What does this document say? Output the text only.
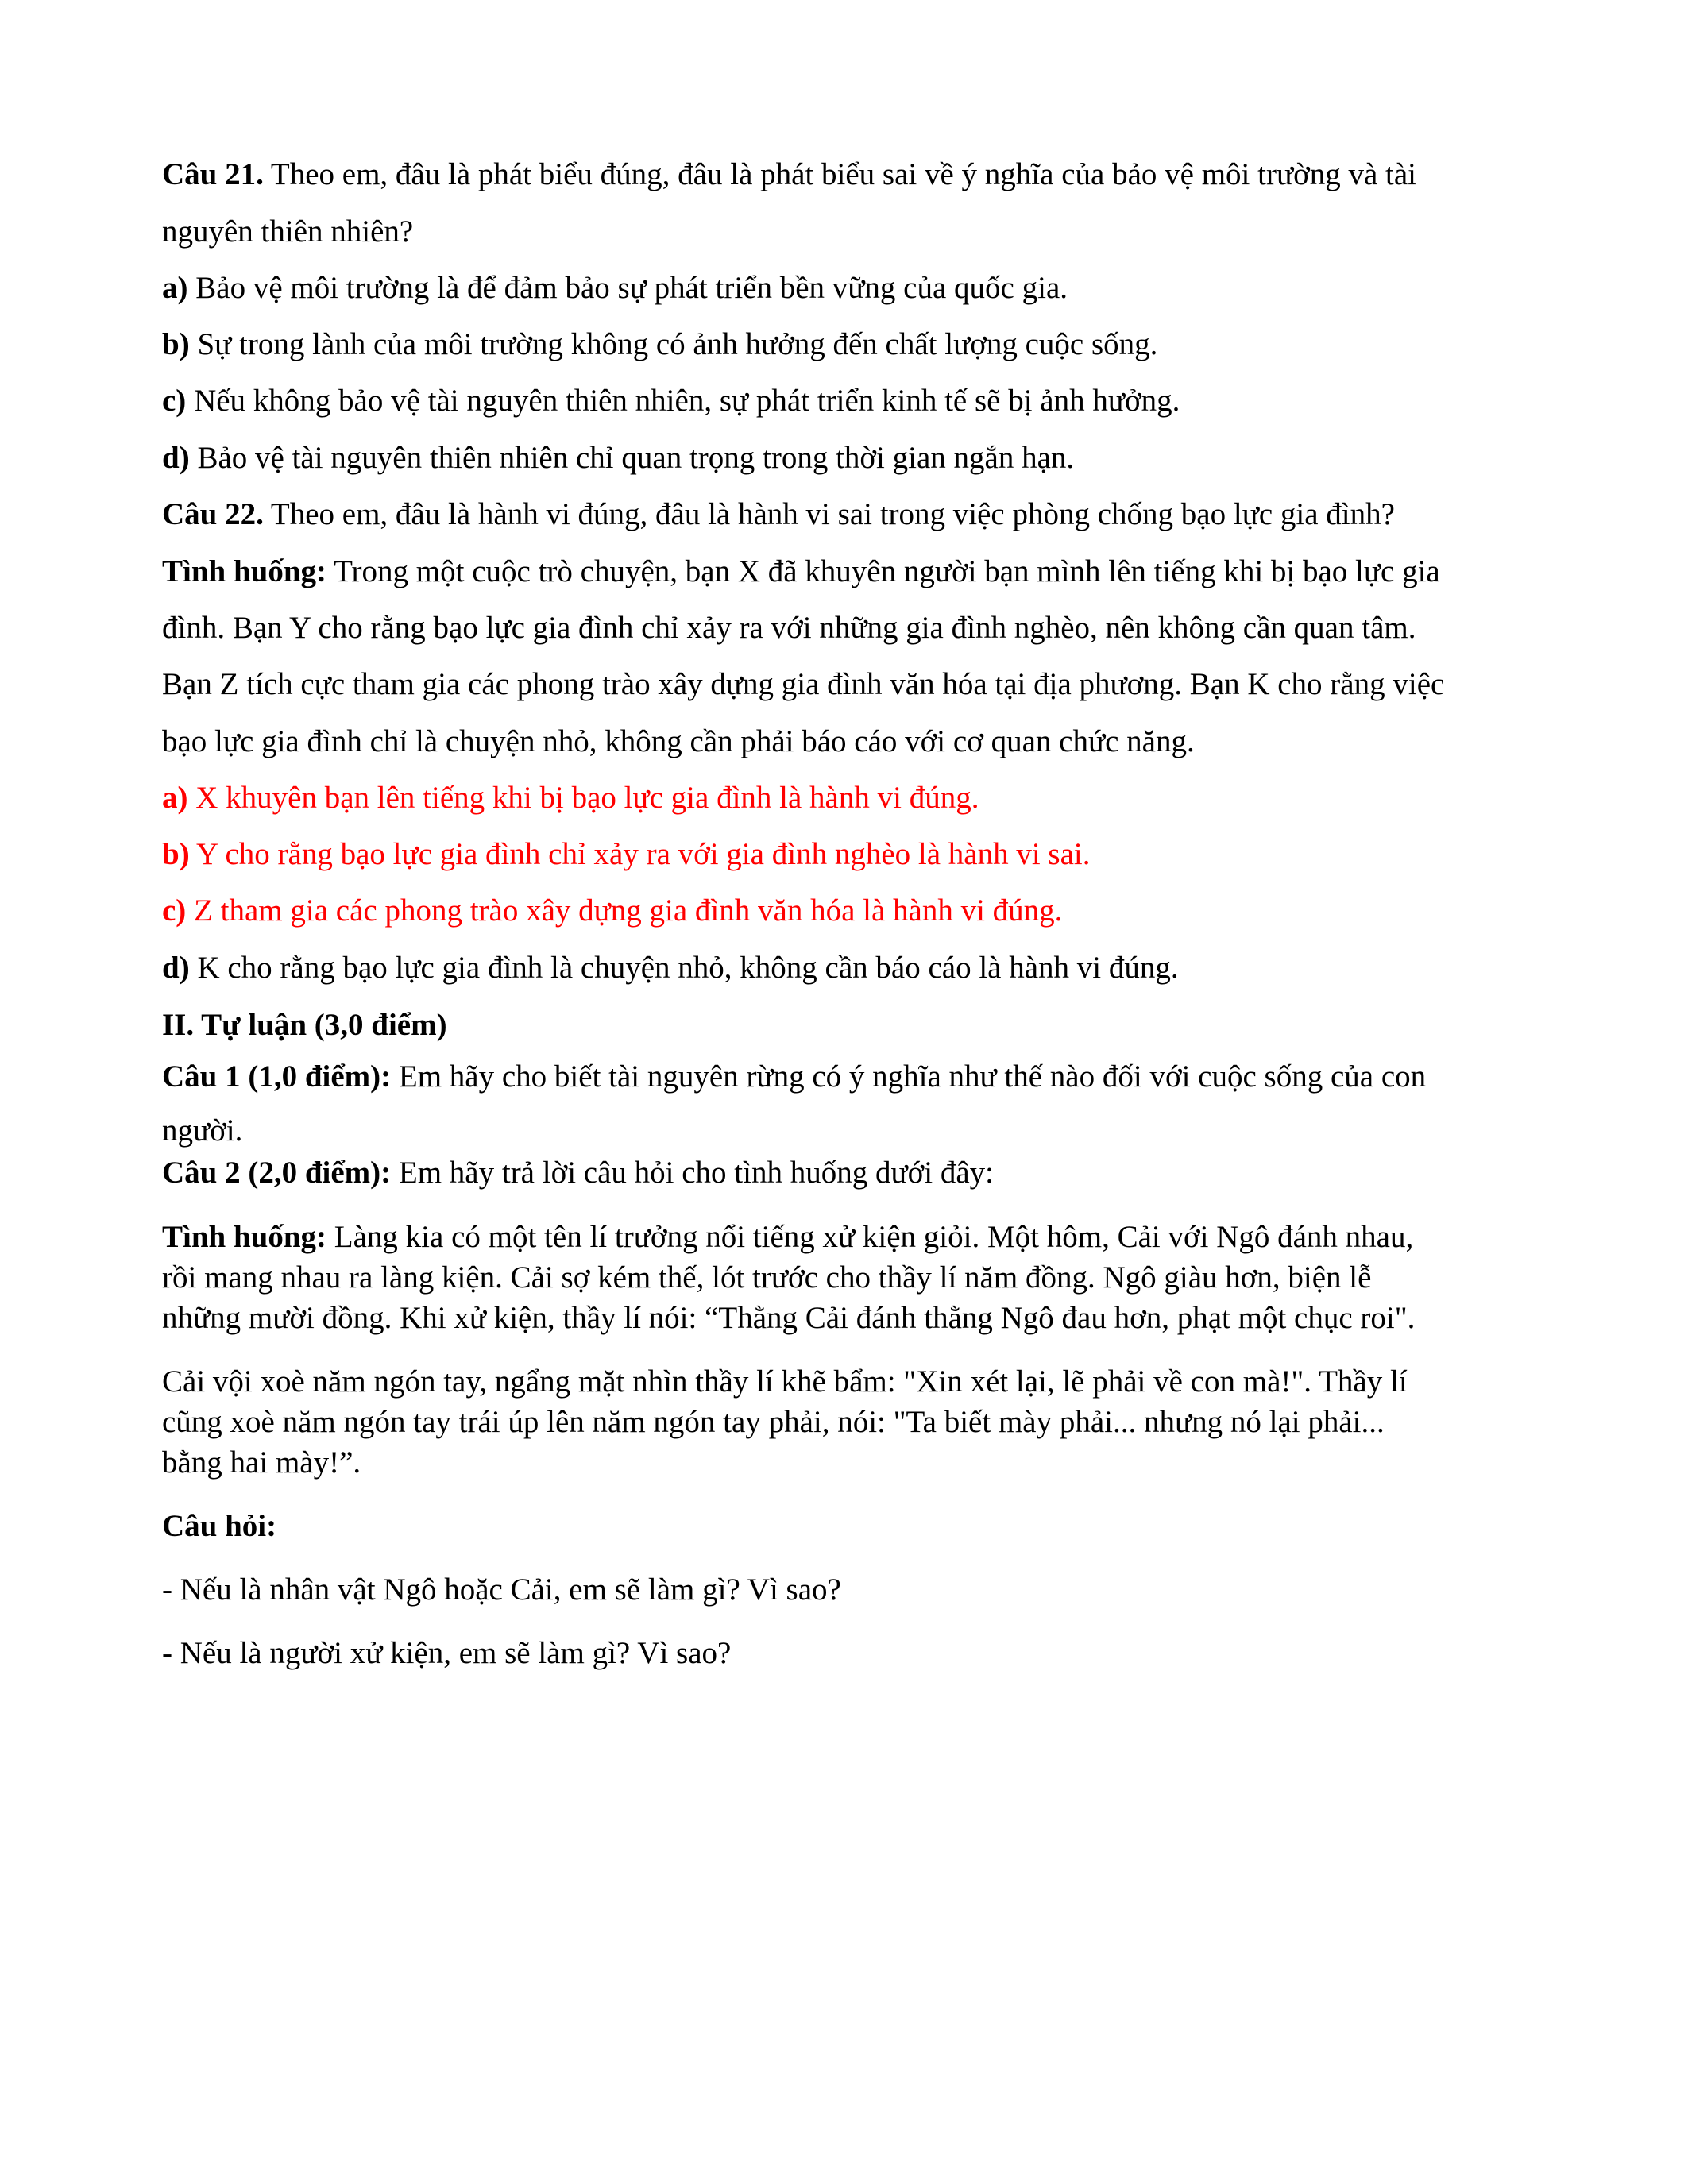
Câu 21. Theo em, đâu là phát biểu đúng, đâu là phát biểu sai về ý nghĩa của bảo vệ môi trường và tài
nguyên thiên nhiên?
a) Bảo vệ môi trường là để đảm bảo sự phát triển bền vững của quốc gia.
b) Sự trong lành của môi trường không có ảnh hưởng đến chất lượng cuộc sống.
c) Nếu không bảo vệ tài nguyên thiên nhiên, sự phát triển kinh tế sẽ bị ảnh hưởng.
d) Bảo vệ tài nguyên thiên nhiên chỉ quan trọng trong thời gian ngắn hạn.
Câu 22. Theo em, đâu là hành vi đúng, đâu là hành vi sai trong việc phòng chống bạo lực gia đình?
Tình huống: Trong một cuộc trò chuyện, bạn X đã khuyên người bạn mình lên tiếng khi bị bạo lực gia
đình. Bạn Y cho rằng bạo lực gia đình chỉ xảy ra với những gia đình nghèo, nên không cần quan tâm.
Bạn Z tích cực tham gia các phong trào xây dựng gia đình văn hóa tại địa phương. Bạn K cho rằng việc
bạo lực gia đình chỉ là chuyện nhỏ, không cần phải báo cáo với cơ quan chức năng.
a) X khuyên bạn lên tiếng khi bị bạo lực gia đình là hành vi đúng.
b) Y cho rằng bạo lực gia đình chỉ xảy ra với gia đình nghèo là hành vi sai.
c) Z tham gia các phong trào xây dựng gia đình văn hóa là hành vi đúng.
d) K cho rằng bạo lực gia đình là chuyện nhỏ, không cần báo cáo là hành vi đúng.
II. Tự luận (3,0 điểm)
Câu 1 (1,0 điểm): Em hãy cho biết tài nguyên rừng có ý nghĩa như thế nào đối với cuộc sống của con
người.
Câu 2 (2,0 điểm): Em hãy trả lời câu hỏi cho tình huống dưới đây:
Tình huống: Làng kia có một tên lí trưởng nổi tiếng xử kiện giỏi. Một hôm, Cải với Ngô đánh nhau,
rồi mang nhau ra làng kiện. Cải sợ kém thế, lót trước cho thầy lí năm đồng. Ngô giàu hơn, biện lễ
những mười đồng. Khi xử kiện, thầy lí nói: “Thằng Cải đánh thằng Ngô đau hơn, phạt một chục roi".
Cải vội xoè năm ngón tay, ngẩng mặt nhìn thầy lí khẽ bẩm: "Xin xét lại, lẽ phải về con mà!". Thầy lí
cũng xoè năm ngón tay trái úp lên năm ngón tay phải, nói: "Ta biết mày phải... nhưng nó lại phải...
bằng hai mày!”.
Câu hỏi:
- Nếu là nhân vật Ngô hoặc Cải, em sẽ làm gì? Vì sao?
- Nếu là người xử kiện, em sẽ làm gì? Vì sao?
